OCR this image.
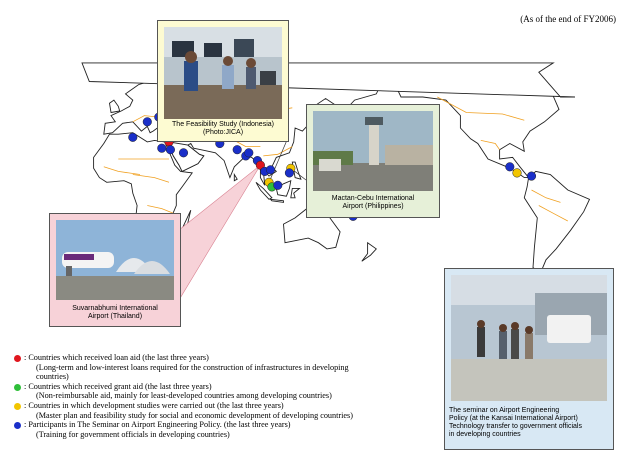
(As of the end of FY2006)
The Feasibility Study (Indonesia)
(Photo:JICA)
Mactan-Cebu International
Airport (Philippines)
Suvarnabhumi International
Airport (Thailand)
The seminar on Airport Engineering
Policy (at the Kansai International Airport)
Technology transfer to government officials
in developing countries
: Countries which received loan aid (the last three years)
(Long-term and low-interest loans required for the construction of infrastructures in developing
countries)
: Countries which received grant aid (the last three years)
(Non-reimbursable aid, mainly for least-developed countries among developing countries)
: Countries in which development studies were carried out (the last three years)
(Master plan and feasibility study for social and economic development of developing countries)
: Participants in The Seminar on Airport Engineering Policy. (the last three years)
(Training for government officials in developing countries)
